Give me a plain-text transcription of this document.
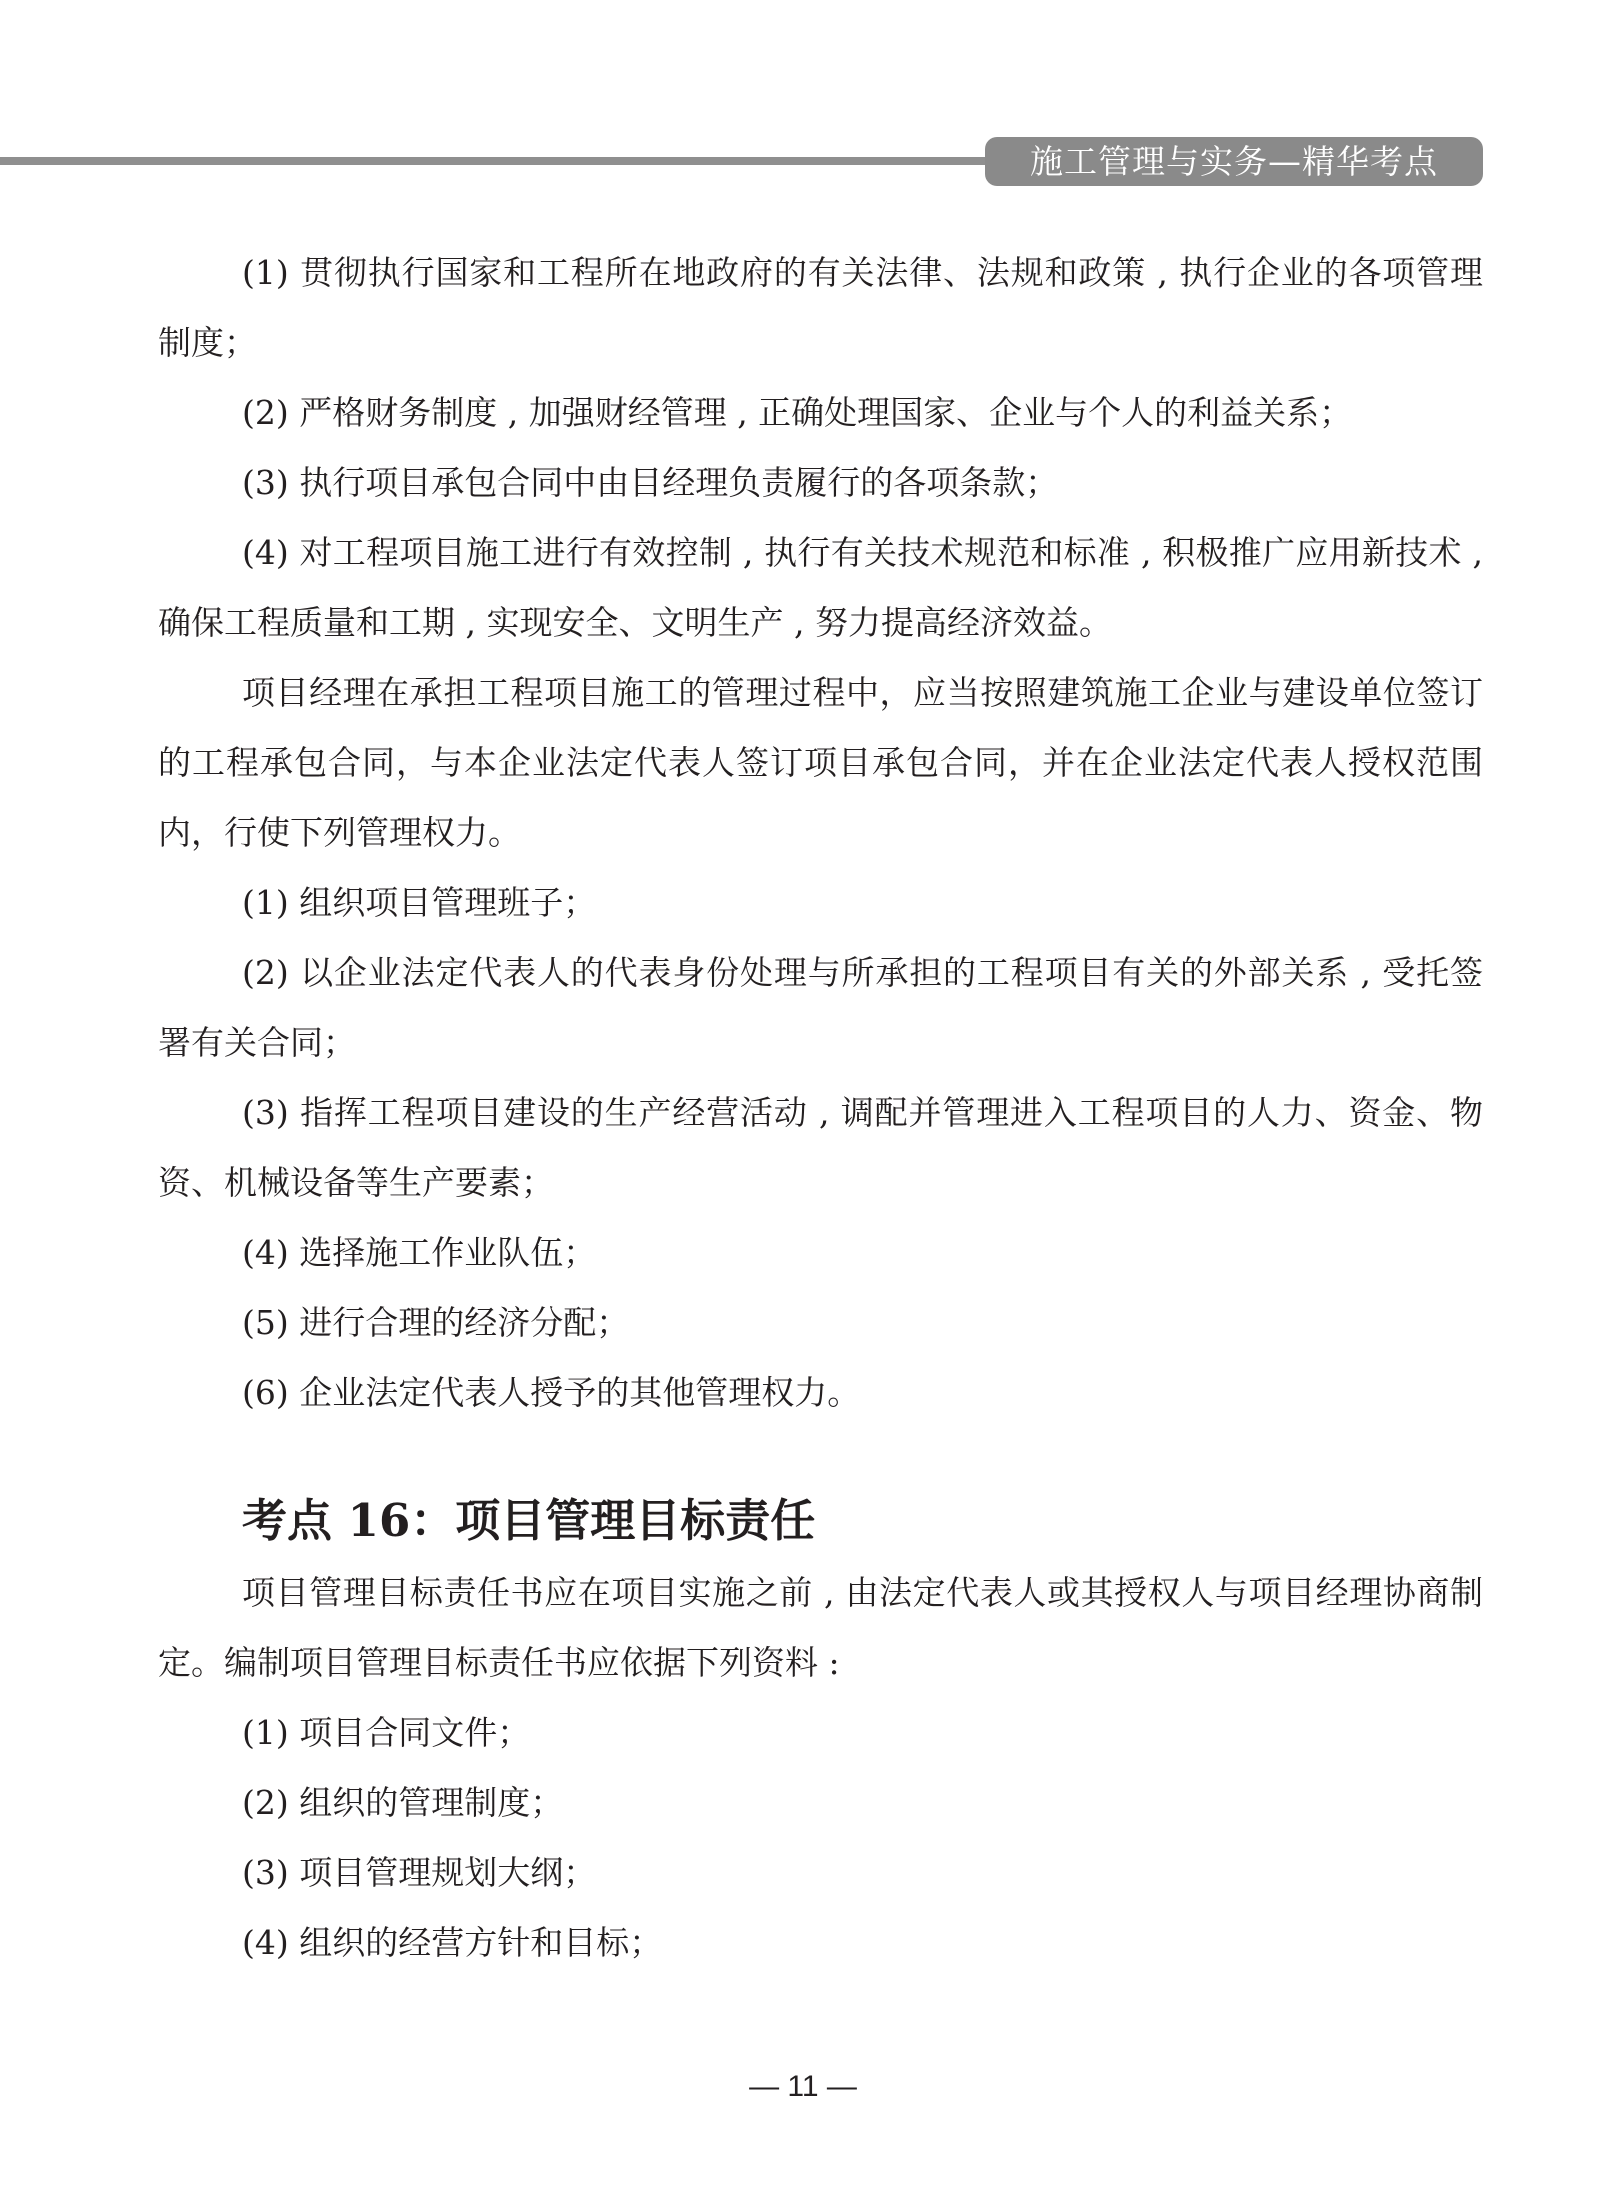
施工管理与实务—精华考点

(1) 贯彻执行国家和工程所在地政府的有关法律、法规和政策 , 执行企业的各项管理制度；

(2) 严格财务制度 , 加强财经管理 , 正确处理国家、企业与个人的利益关系；

(3) 执行项目承包合同中由目经理负责履行的各项条款；

(4) 对工程项目施工进行有效控制 , 执行有关技术规范和标准 , 积极推广应用新技术 , 确保工程质量和工期 , 实现安全、文明生产 , 努力提高经济效益。

项目经理在承担工程项目施工的管理过程中，应当按照建筑施工企业与建设单位签订的工程承包合同，与本企业法定代表人签订项目承包合同，并在企业法定代表人授权范围内，行使下列管理权力。

(1) 组织项目管理班子；

(2) 以企业法定代表人的代表身份处理与所承担的工程项目有关的外部关系 , 受托签署有关合同；

(3) 指挥工程项目建设的生产经营活动 , 调配并管理进入工程项目的人力、资金、物资、机械设备等生产要素；

(4) 选择施工作业队伍；

(5) 进行合理的经济分配；

(6) 企业法定代表人授予的其他管理权力。

考点 16：项目管理目标责任

项目管理目标责任书应在项目实施之前 , 由法定代表人或其授权人与项目经理协商制定。编制项目管理目标责任书应依据下列资料 :

(1) 项目合同文件；

(2) 组织的管理制度；

(3) 项目管理规划大纲；

(4) 组织的经营方针和目标；

— 11 —
